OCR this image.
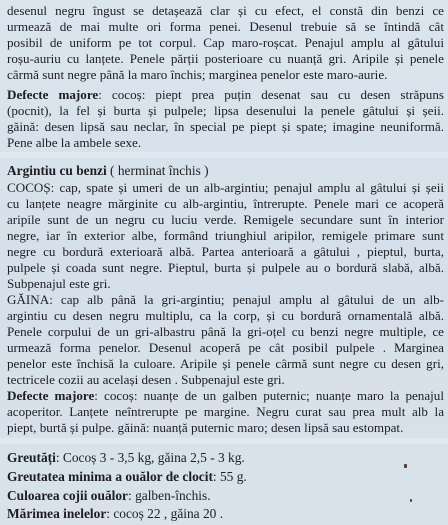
desenul negru îngust se detașează clar și cu efect, el constă din benzi ce
urmează de mai multe ori forma penei. Desenul trebuie să se întindă cât
posibil de uniform pe tot corpul. Cap maro-roșcat. Penajul amplu al gâtului
roșu-auriu cu lanțete. Penele părții posterioare cu nuanță gri. Aripile și penele
cârmă sunt negre până la maro închis; marginea penelor este maro-aurie.
Defecte majore: cocoș: piept prea puțin desenat sau cu desen străpuns
(pocnit), la fel și burta și pulpele; lipsa desenului la penele gâtului și șeii.
găină: desen lipsă sau neclar, în special pe piept și spate; imagine neuniformă.
Pene albe la ambele sexe.
Argintiu cu benzi ( herminat închis )
COCOȘ: cap, spate și umeri de un alb-argintiu; penajul amplu al gâtului și șeii
cu lanțete neagre mărginite cu alb-argintiu, întrerupte. Penele mari ce acoperă
aripile sunt de un negru cu luciu verde. Remigele secundare sunt în interior
negre, iar în exterior albe, formând triunghiul aripilor, remigele primare sunt
negre cu bordură exterioară albă. Partea anterioară a gâtului , pieptul, burta,
pulpele și coada sunt negre. Pieptul, burta și pulpele au o bordură slabă, albă.
Subpenajul este gri.
GĂINA: cap alb până la gri-argintiu; penajul amplu al gâtului de un alb-
argintiu cu desen negru multiplu, ca la corp, și cu bordură ornamentală albă.
Penele corpului de un gri-albastru până la gri-oțel cu benzi negre multiple, ce
urmează forma penelor. Desenul acoperă pe cât posibil pulpele . Marginea
penelor este închisă la culoare. Aripile și penele cârmă sunt negre cu desen gri,
tectricele cozii au același desen . Subpenajul este gri.
Defecte majore: cocoș: nuanțe de un galben puternic; nuanțe maro la penajul
acoperitor. Lanțete neîntrerupte pe margine. Negru curat sau prea mult alb la
piept, burtă și pulpe. găină: nuanță puternic maro; desen lipsă sau estompat.
Greutăți: Cocoș 3 - 3,5 kg, găina 2,5 - 3 kg.
Greutatea minima a ouălor de clocit: 55 g.
Culoarea cojii ouălor: galben-închis.
Mărimea inelelor: cocoș 22 , găina 20 .
